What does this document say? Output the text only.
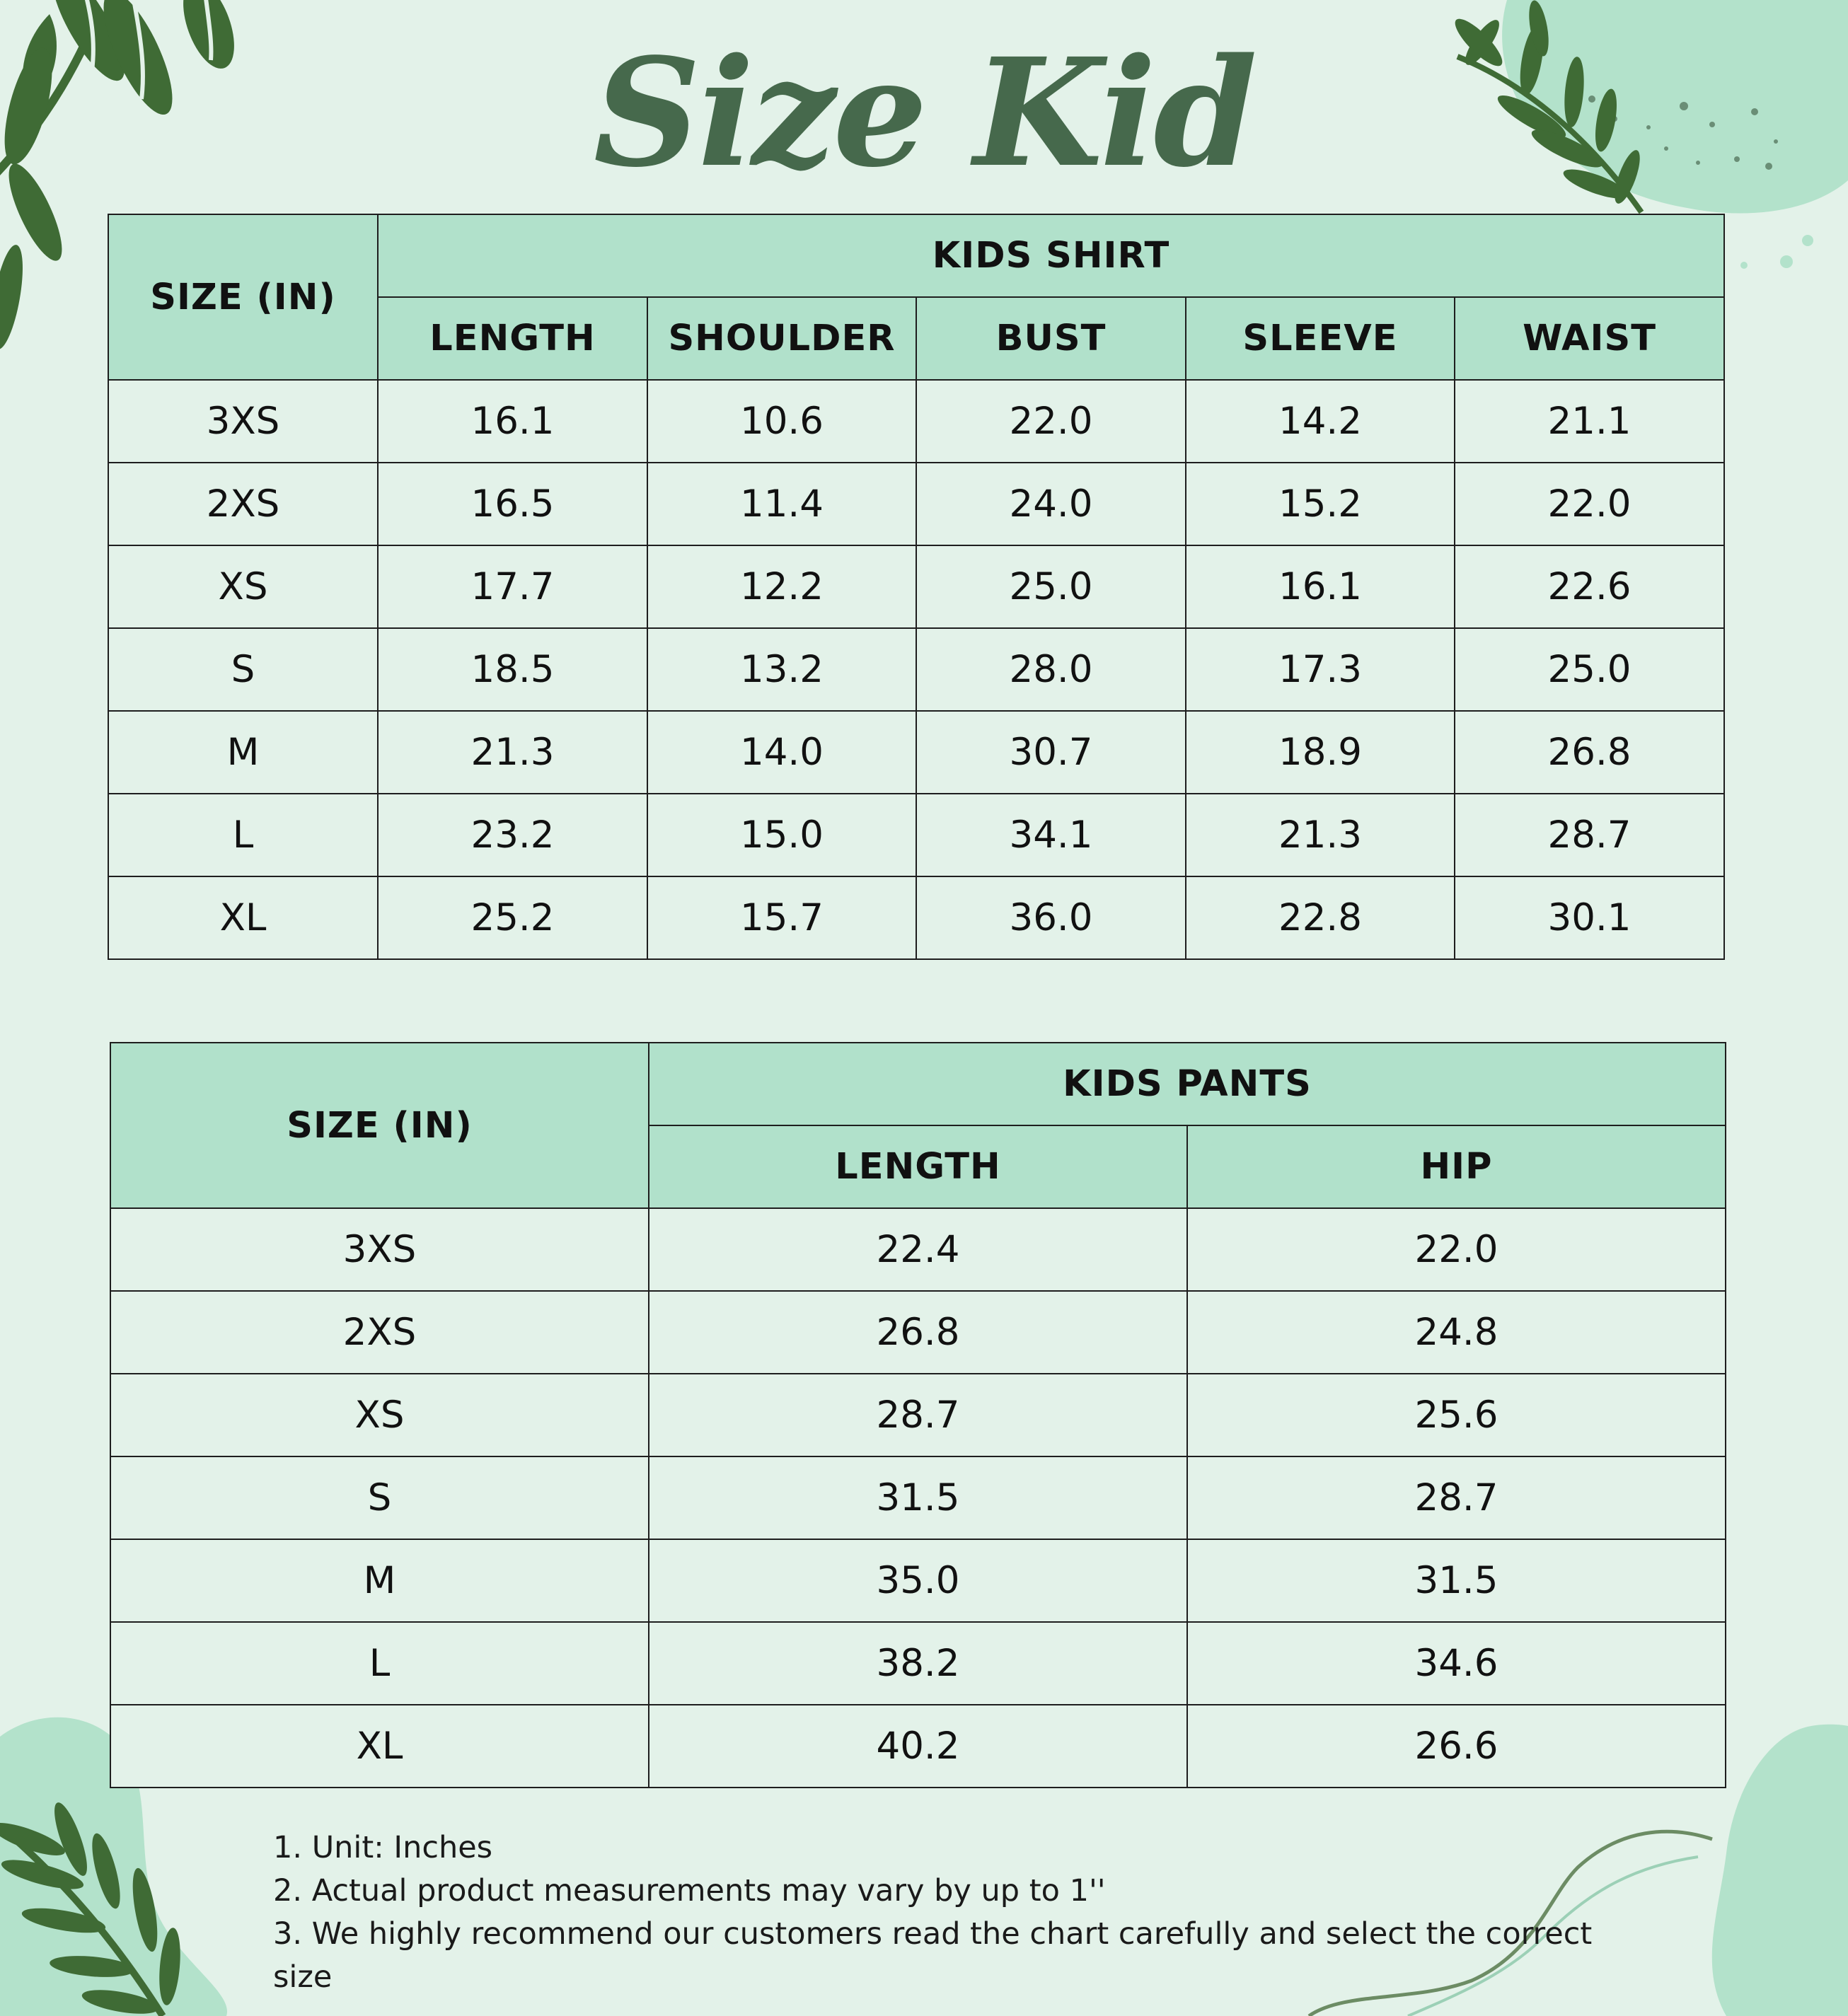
Size Kid
SIZE (IN)	KIDS SHIRT				
	LENGTH	SHOULDER	BUST	SLEEVE	WAIST
3XS	16.1	10.6	22.0	14.2	21.1
2XS	16.5	11.4	24.0	15.2	22.0
XS	17.7	12.2	25.0	16.1	22.6
S	18.5	13.2	28.0	17.3	25.0
M	21.3	14.0	30.7	18.9	26.8
L	23.2	15.0	34.1	21.3	28.7
XL	25.2	15.7	36.0	22.8	30.1
SIZE (IN)	KIDS PANTS	
	LENGTH	HIP
3XS	22.4	22.0
2XS	26.8	24.8
XS	28.7	25.6
S	31.5	28.7
M	35.0	31.5
L	38.2	34.6
XL	40.2	26.6
1. Unit: Inches
2. Actual product measurements may vary by up to 1''
3. We highly recommend our customers read the chart carefully and select the correct size
